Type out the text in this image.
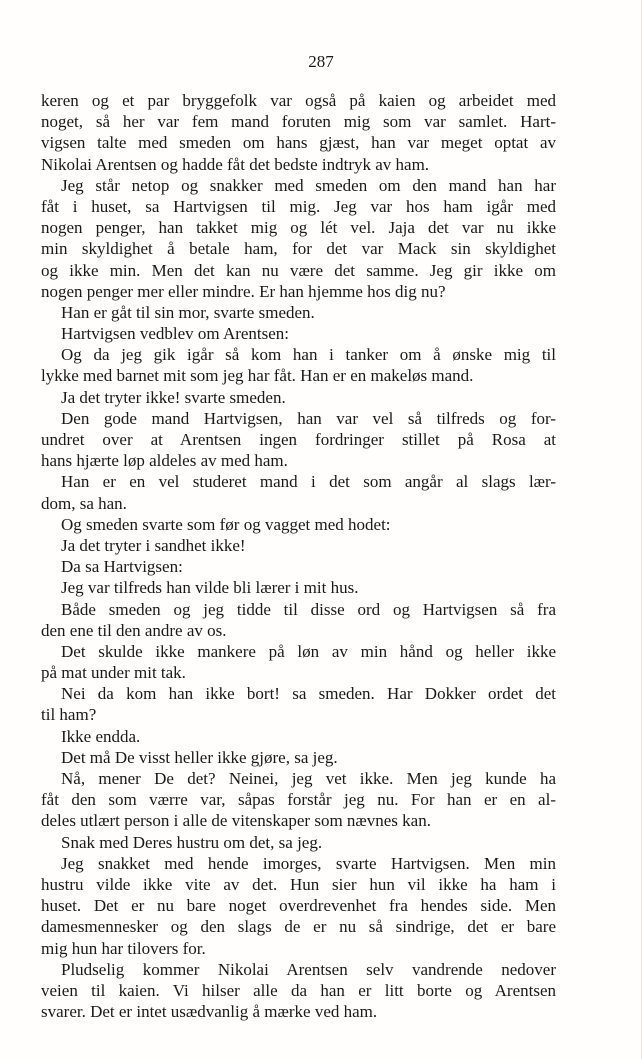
287
keren og et par bryggefolk var også på kaien og arbeidet med
noget, så her var fem mand foruten mig som var samlet. Hart-
vigsen talte med smeden om hans gjæst, han var meget optat av
Nikolai Arentsen og hadde fåt det bedste indtryk av ham.
Jeg står netop og snakker med smeden om den mand han har
fåt i huset, sa Hartvigsen til mig. Jeg var hos ham igår med
nogen penger, han takket mig og lét vel. Jaja det var nu ikke
min skyldighet å betale ham, for det var Mack sin skyldighet
og ikke min. Men det kan nu være det samme. Jeg gir ikke om
nogen penger mer eller mindre. Er han hjemme hos dig nu?
Han er gåt til sin mor, svarte smeden.
Hartvigsen vedblev om Arentsen:
Og da jeg gik igår så kom han i tanker om å ønske mig til
lykke med barnet mit som jeg har fåt. Han er en makeløs mand.
Ja det tryter ikke! svarte smeden.
Den gode mand Hartvigsen, han var vel så tilfreds og for-
undret over at Arentsen ingen fordringer stillet på Rosa at
hans hjærte løp aldeles av med ham.
Han er en vel studeret mand i det som angår al slags lær-
dom, sa han.
Og smeden svarte som før og vagget med hodet:
Ja det tryter i sandhet ikke!
Da sa Hartvigsen:
Jeg var tilfreds han vilde bli lærer i mit hus.
Både smeden og jeg tidde til disse ord og Hartvigsen så fra
den ene til den andre av os.
Det skulde ikke mankere på løn av min hånd og heller ikke
på mat under mit tak.
Nei da kom han ikke bort! sa smeden. Har Dokker ordet det
til ham?
Ikke endda.
Det må De visst heller ikke gjøre, sa jeg.
Nå, mener De det? Neinei, jeg vet ikke. Men jeg kunde ha
fåt den som værre var, såpas forstår jeg nu. For han er en al-
deles utlært person i alle de vitenskaper som nævnes kan.
Snak med Deres hustru om det, sa jeg.
Jeg snakket med hende imorges, svarte Hartvigsen. Men min
hustru vilde ikke vite av det. Hun sier hun vil ikke ha ham i
huset. Det er nu bare noget overdrevenhet fra hendes side. Men
damesmennesker og den slags de er nu så sindrige, det er bare
mig hun har tilovers for.
Pludselig kommer Nikolai Arentsen selv vandrende nedover
veien til kaien. Vi hilser alle da han er litt borte og Arentsen
svarer. Det er intet usædvanlig å mærke ved ham.
